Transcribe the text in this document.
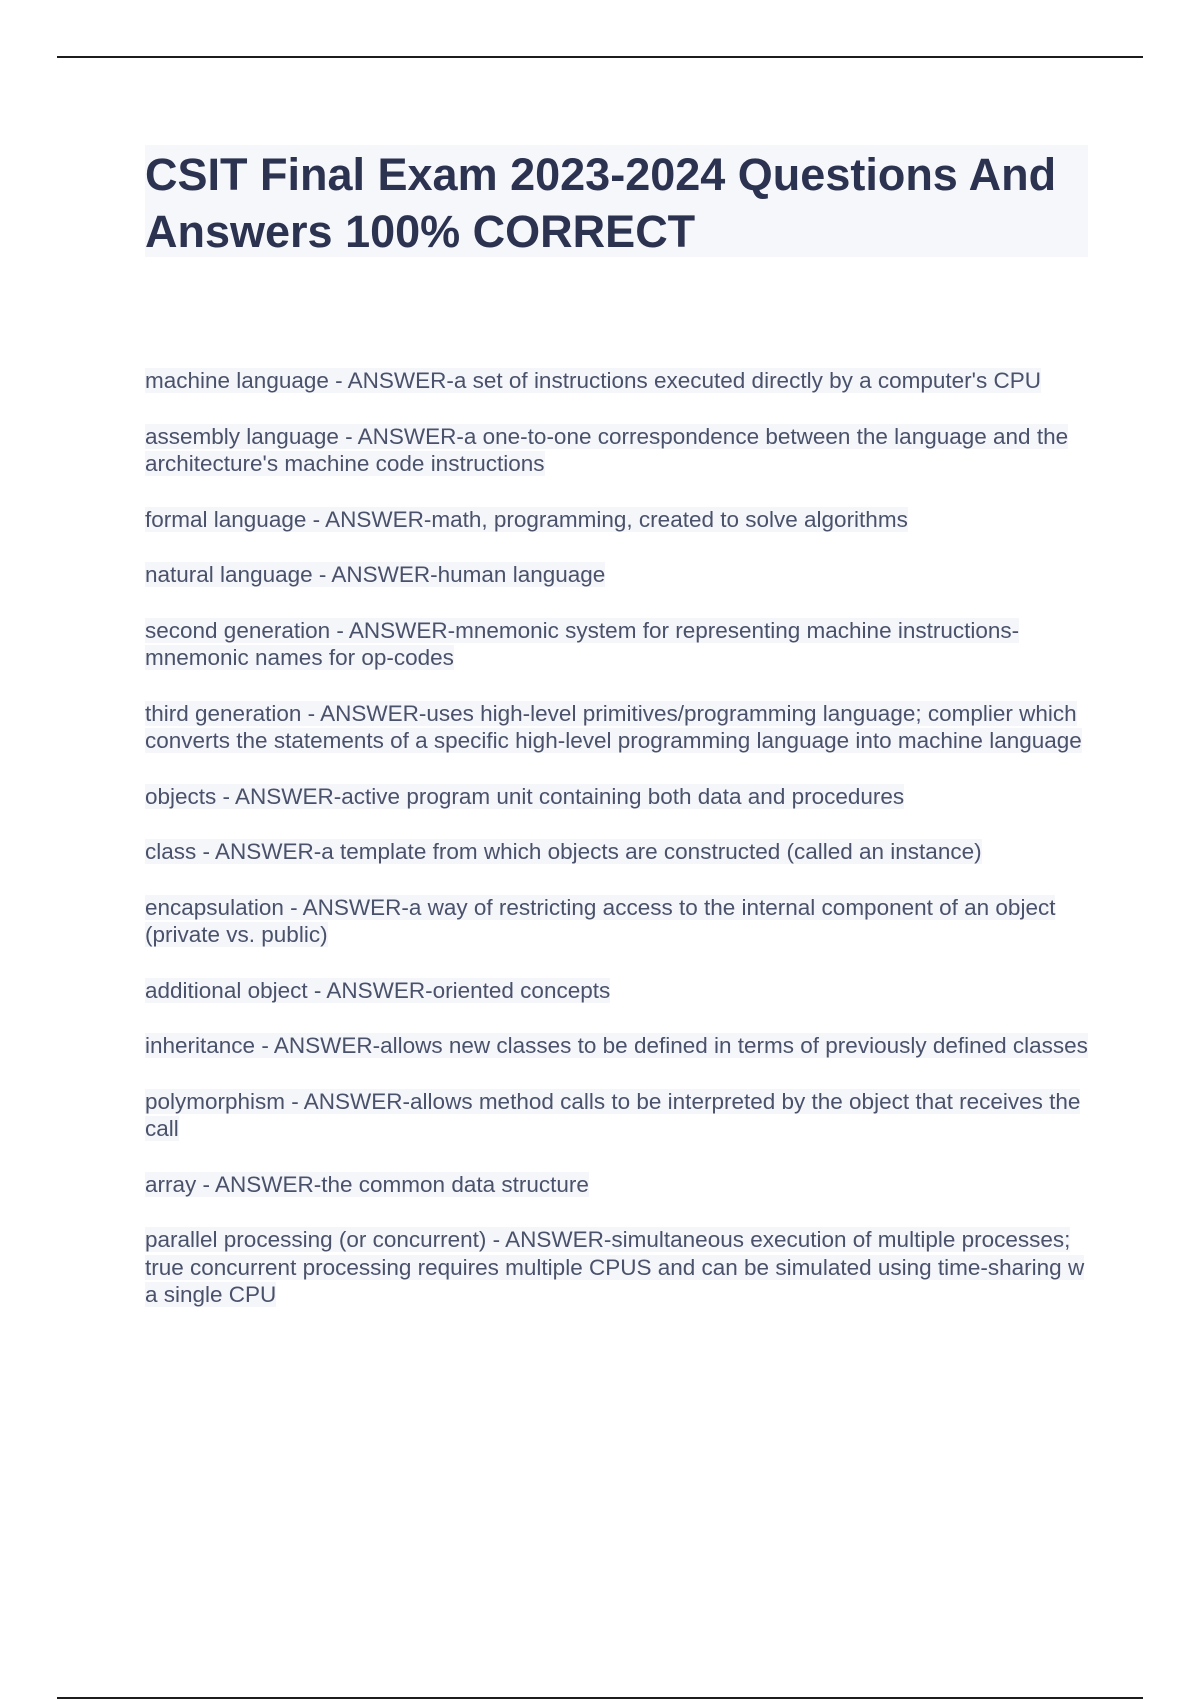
CSIT Final Exam 2023-2024 Questions And Answers 100% CORRECT
machine language - ANSWER-a set of instructions executed directly by a computer's CPU
assembly language - ANSWER-a one-to-one correspondence between the language and the architecture's machine code instructions
formal language - ANSWER-math, programming, created to solve algorithms
natural language - ANSWER-human language
second generation - ANSWER-mnemonic system for representing machine instructions- mnemonic names for op-codes
third generation - ANSWER-uses high-level primitives/programming language; complier which converts the statements of a specific high-level programming language into machine language
objects - ANSWER-active program unit containing both data and procedures
class - ANSWER-a template from which objects are constructed (called an instance)
encapsulation - ANSWER-a way of restricting access to the internal component of an object (private vs. public)
additional object - ANSWER-oriented concepts
inheritance - ANSWER-allows new classes to be defined in terms of previously defined classes
polymorphism - ANSWER-allows method calls to be interpreted by the object that receives the call
array - ANSWER-the common data structure
parallel processing (or concurrent) - ANSWER-simultaneous execution of multiple processes; true concurrent processing requires multiple CPUS and can be simulated using time-sharing w a single CPU
